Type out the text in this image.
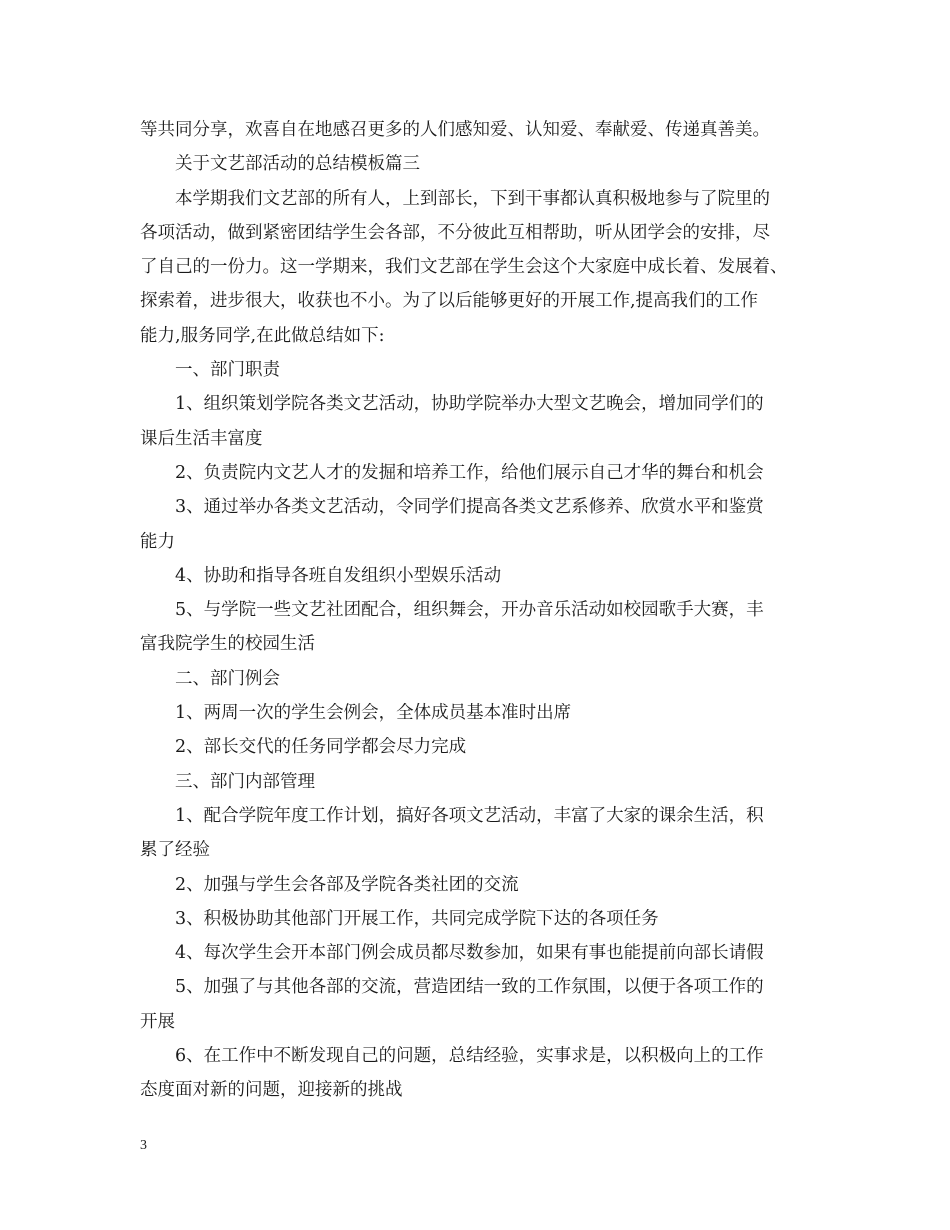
等共同分享，欢喜自在地感召更多的人们感知爱、认知爱、奉献爱、传递真善美。
关于文艺部活动的总结模板篇三
本学期我们文艺部的所有人，上到部长，下到干事都认真积极地参与了院里的
各项活动，做到紧密团结学生会各部，不分彼此互相帮助，听从团学会的安排，尽
了自己的一份力。这一学期来，我们文艺部在学生会这个大家庭中成长着、发展着、
探索着，进步很大，收获也不小。为了以后能够更好的开展工作,提高我们的工作
能力,服务同学,在此做总结如下:
一、部门职责
1、组织策划学院各类文艺活动，协助学院举办大型文艺晚会，增加同学们的
课后生活丰富度
2、负责院内文艺人才的发掘和培养工作，给他们展示自己才华的舞台和机会
3、通过举办各类文艺活动，令同学们提高各类文艺系修养、欣赏水平和鉴赏
能力
4、协助和指导各班自发组织小型娱乐活动
5、与学院一些文艺社团配合，组织舞会，开办音乐活动如校园歌手大赛，丰
富我院学生的校园生活
二、部门例会
1、两周一次的学生会例会，全体成员基本准时出席
2、部长交代的任务同学都会尽力完成
三、部门内部管理
1、配合学院年度工作计划，搞好各项文艺活动，丰富了大家的课余生活，积
累了经验
2、加强与学生会各部及学院各类社团的交流
3、积极协助其他部门开展工作，共同完成学院下达的各项任务
4、每次学生会开本部门例会成员都尽数参加，如果有事也能提前向部长请假
5、加强了与其他各部的交流，营造团结一致的工作氛围，以便于各项工作的
开展
6、在工作中不断发现自己的问题，总结经验，实事求是，以积极向上的工作
态度面对新的问题，迎接新的挑战
3
